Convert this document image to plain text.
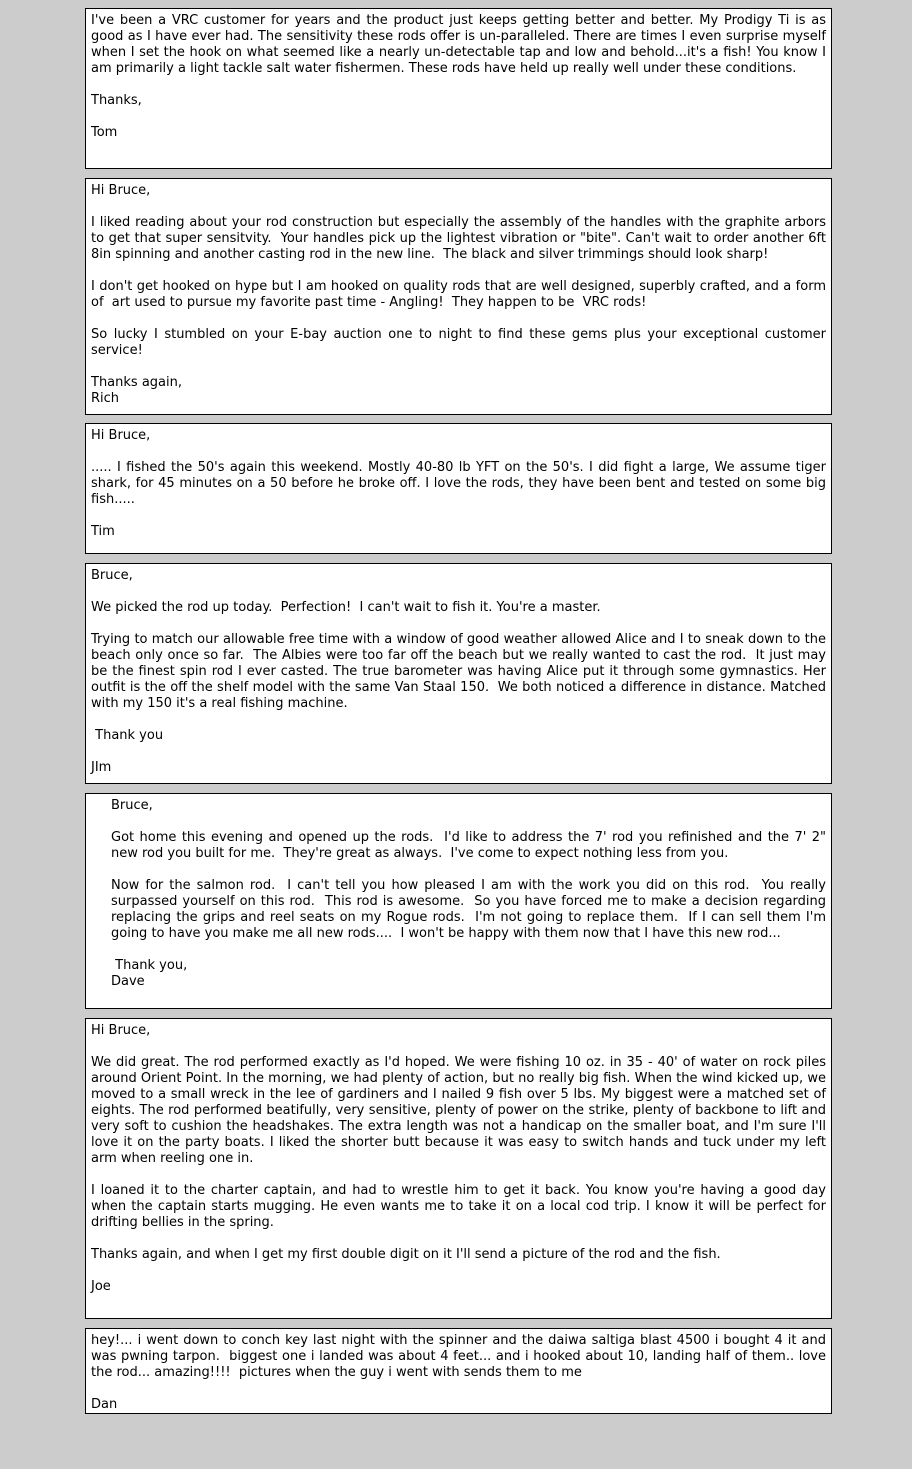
I've been a VRC customer for years and the product just keeps getting better and better. My Prodigy Ti is as good as I have ever had. The sensitivity these rods offer is un-paralleled. There are times I even surprise myself when I set the hook on what seemed like a nearly un-detectable tap and low and behold...it's a fish! You know I am primarily a light tackle salt water fishermen. These rods have held up really well under these conditions.

Thanks,

Tom

Hi Bruce,

I liked reading about your rod construction but especially the assembly of the handles with the graphite arbors to get that super sensitvity.  Your handles pick up the lightest vibration or "bite". Can't wait to order another 6ft 8in spinning and another casting rod in the new line.  The black and silver trimmings should look sharp!

I don't get hooked on hype but I am hooked on quality rods that are well designed, superbly crafted, and a form of  art used to pursue my favorite past time - Angling!  They happen to be  VRC rods!

So lucky I stumbled on your E-bay auction one to night to find these gems plus your exceptional customer service!

Thanks again,
Rich

Hi Bruce,

..... I fished the 50's again this weekend. Mostly 40-80 lb YFT on the 50's. I did fight a large, We assume tiger shark, for 45 minutes on a 50 before he broke off. I love the rods, they have been bent and tested on some big fish.....

Tim

Bruce,

We picked the rod up today.  Perfection!  I can't wait to fish it. You're a master.

Trying to match our allowable free time with a window of good weather allowed Alice and I to sneak down to the beach only once so far.  The Albies were too far off the beach but we really wanted to cast the rod.  It just may be the finest spin rod I ever casted. The true barometer was having Alice put it through some gymnastics. Her outfit is the off the shelf model with the same Van Staal 150.  We both noticed a difference in distance. Matched with my 150 it's a real fishing machine.

Thank you

JIm

Bruce,

Got home this evening and opened up the rods.  I'd like to address the 7' rod you refinished and the 7' 2" new rod you built for me.  They're great as always.  I've come to expect nothing less from you.

Now for the salmon rod.  I can't tell you how pleased I am with the work you did on this rod.  You really surpassed yourself on this rod.  This rod is awesome.  So you have forced me to make a decision regarding replacing the grips and reel seats on my Rogue rods.  I'm not going to replace them.  If I can sell them I'm going to have you make me all new rods....  I won't be happy with them now that I have this new rod...

Thank you,
Dave

Hi Bruce,

We did great. The rod performed exactly as I'd hoped. We were fishing 10 oz. in 35 - 40' of water on rock piles around Orient Point. In the morning, we had plenty of action, but no really big fish. When the wind kicked up, we moved to a small wreck in the lee of gardiners and I nailed 9 fish over 5 lbs. My biggest were a matched set of eights. The rod performed beatifully, very sensitive, plenty of power on the strike, plenty of backbone to lift and very soft to cushion the headshakes. The extra length was not a handicap on the smaller boat, and I'm sure I'll love it on the party boats. I liked the shorter butt because it was easy to switch hands and tuck under my left arm when reeling one in.

I loaned it to the charter captain, and had to wrestle him to get it back. You know you're having a good day when the captain starts mugging. He even wants me to take it on a local cod trip. I know it will be perfect for drifting bellies in the spring.

Thanks again, and when I get my first double digit on it I'll send a picture of the rod and the fish.

Joe

hey!... i went down to conch key last night with the spinner and the daiwa saltiga blast 4500 i bought 4 it and was pwning tarpon.  biggest one i landed was about 4 feet... and i hooked about 10, landing half of them.. love the rod... amazing!!!!  pictures when the guy i went with sends them to me

Dan
